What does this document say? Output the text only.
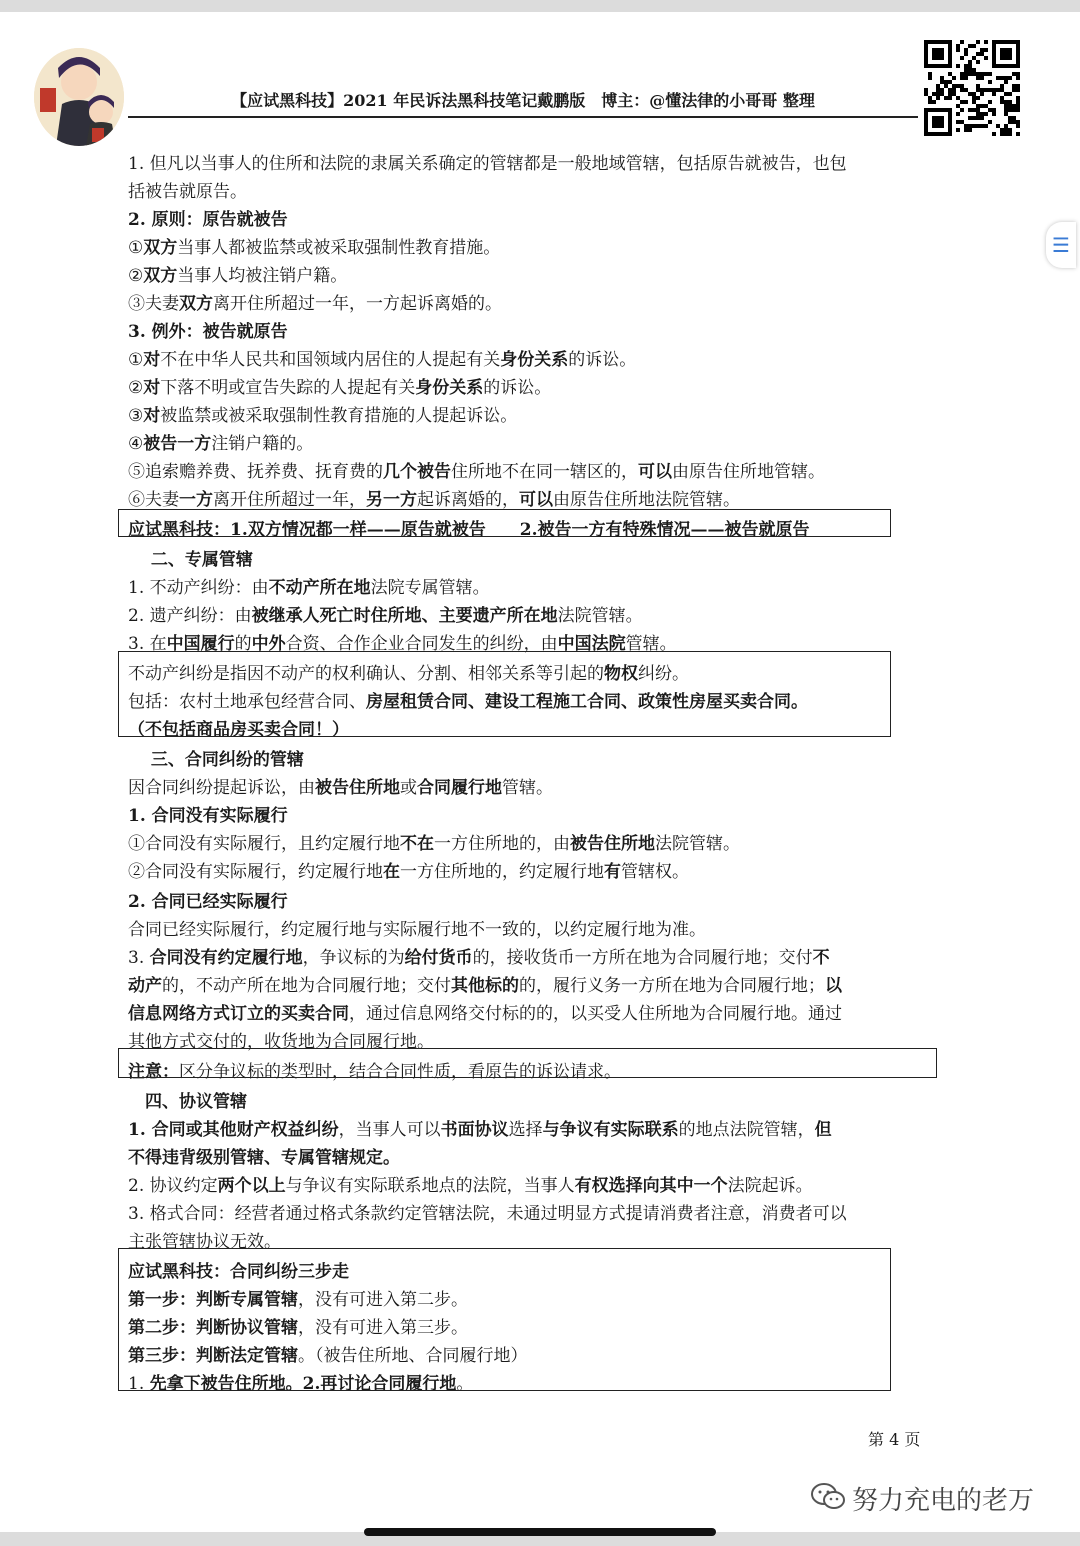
【应试黑科技】2021 年民诉法黑科技笔记戴鹏版　博主：@懂法律的小哥哥 整理
1. 但凡以当事人的住所和法院的隶属关系确定的管辖都是一般地域管辖，包括原告就被告，也包
括被告就原告。
2. 原则：原告就被告
①双方当事人都被监禁或被采取强制性教育措施。
②双方当事人均被注销户籍。
③夫妻双方离开住所超过一年，一方起诉离婚的。
3. 例外：被告就原告
①对不在中华人民共和国领域内居住的人提起有关身份关系的诉讼。
②对下落不明或宣告失踪的人提起有关身份关系的诉讼。
③对被监禁或被采取强制性教育措施的人提起诉讼。
④被告一方注销户籍的。
⑤追索赡养费、抚养费、抚育费的几个被告住所地不在同一辖区的，可以由原告住所地管辖。
⑥夫妻一方离开住所超过一年，另一方起诉离婚的，可以由原告住所地法院管辖。
应试黑科技：1.双方情况都一样——原告就被告　　2.被告一方有特殊情况——被告就原告
　 二、专属管辖
1. 不动产纠纷：由不动产所在地法院专属管辖。
2. 遗产纠纷：由被继承人死亡时住所地、主要遗产所在地法院管辖。
3. 在中国履行的中外合资、合作企业合同发生的纠纷，由中国法院管辖。
不动产纠纷是指因不动产的权利确认、分割、相邻关系等引起的物权纠纷。
包括：农村土地承包经营合同、房屋租赁合同、建设工程施工合同、政策性房屋买卖合同。
（不包括商品房买卖合同！）
　 三、合同纠纷的管辖
因合同纠纷提起诉讼，由被告住所地或合同履行地管辖。
1. 合同没有实际履行
①合同没有实际履行，且约定履行地不在一方住所地的，由被告住所地法院管辖。
②合同没有实际履行，约定履行地在一方住所地的，约定履行地有管辖权。
2. 合同已经实际履行
合同已经实际履行，约定履行地与实际履行地不一致的，以约定履行地为准。
3. 合同没有约定履行地，争议标的为给付货币的，接收货币一方所在地为合同履行地；交付不
动产的，不动产所在地为合同履行地；交付其他标的的，履行义务一方所在地为合同履行地；以
信息网络方式订立的买卖合同，通过信息网络交付标的的，以买受人住所地为合同履行地。通过
其他方式交付的，收货地为合同履行地。
注意：区分争议标的类型时，结合合同性质，看原告的诉讼请求。
　四、协议管辖
1. 合同或其他财产权益纠纷，当事人可以书面协议选择与争议有实际联系的地点法院管辖，但
不得违背级别管辖、专属管辖规定。
2. 协议约定两个以上与争议有实际联系地点的法院，当事人有权选择向其中一个法院起诉。
3. 格式合同：经营者通过格式条款约定管辖法院，未通过明显方式提请消费者注意，消费者可以
主张管辖协议无效。
应试黑科技：合同纠纷三步走
第一步：判断专属管辖，没有可进入第二步。
第二步：判断协议管辖，没有可进入第三步。
第三步：判断法定管辖。（被告住所地、合同履行地）
1. 先拿下被告住所地。2.再讨论合同履行地。
第 4 页
努力充电的老万
☰
